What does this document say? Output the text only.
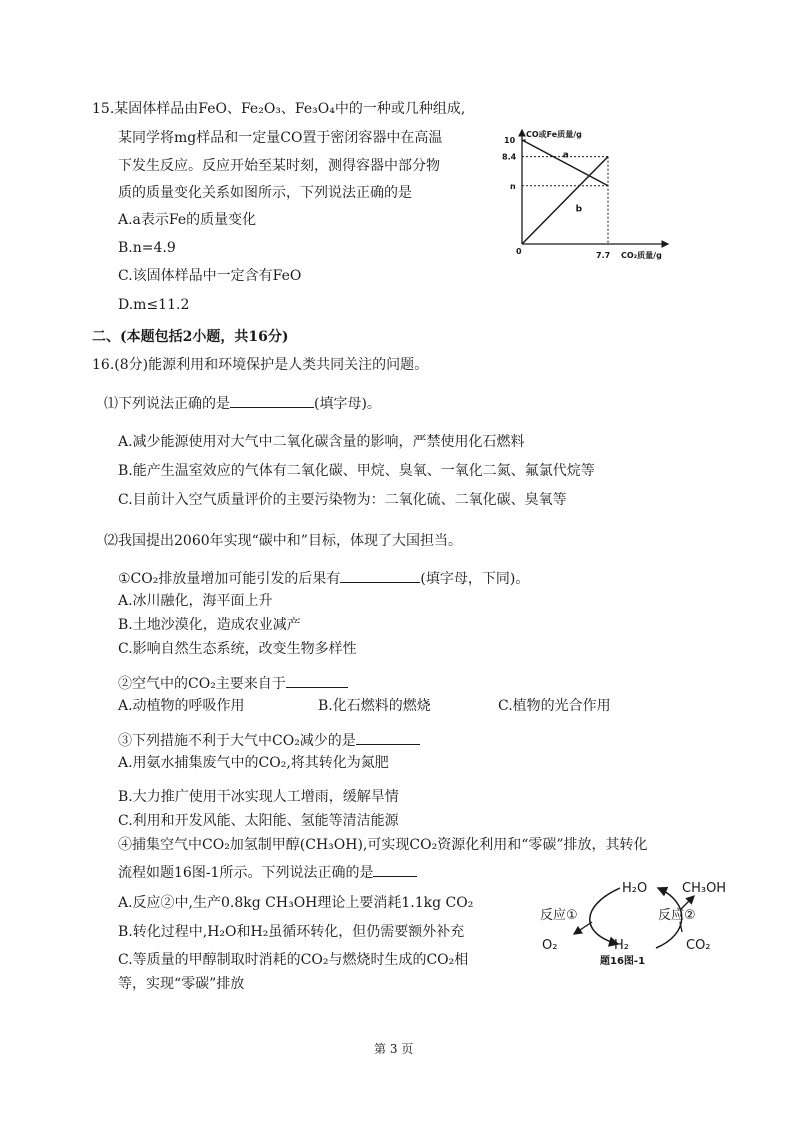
15.某固体样品由FeO、Fe₂O₃、Fe₃O₄中的一种或几种组成,
某同学将mg样品和一定量CO置于密闭容器中在高温
下发生反应。反应开始至某时刻，测得容器中部分物
质的质量变化关系如图所示，下列说法正确的是
A.a表示Fe的质量变化
B.n=4.9
C.该固体样品中一定含有FeO
D.m≤11.2
CO或Fe质量/g
CO₂质量/g
0
10
8.4
n
7.7
a
b
二、(本题包括2小题，共16分)
16.(8分)能源利用和环境保护是人类共同关注的问题。
⑴下列说法正确的是	(填字母)。
A.减少能源使用对大气中二氧化碳含量的影响，严禁使用化石燃料
B.能产生温室效应的气体有二氧化碳、甲烷、臭氧、一氧化二氮、氟氯代烷等
C.目前计入空气质量评价的主要污染物为：二氧化硫、二氧化碳、臭氧等
⑵我国提出2060年实现“碳中和”目标，体现了大国担当。
①CO₂排放量增加可能引发的后果有	(填字母，下同)。
A.冰川融化，海平面上升
B.土地沙漠化，造成农业减产
C.影响自然生态系统，改变生物多样性
②空气中的CO₂主要来自于
A.动植物的呼吸作用	B.化石燃料的燃烧	C.植物的光合作用
③下列措施不利于大气中CO₂减少的是
A.用氨水捕集废气中的CO₂,将其转化为氮肥
B.大力推广使用干冰实现人工增雨，缓解旱情
C.利用和开发风能、太阳能、氢能等清洁能源
④捕集空气中CO₂加氢制甲醇(CH₃OH),可实现CO₂资源化利用和“零碳”排放，其转化
流程如题16图-1所示。下列说法正确的是
A.反应②中,生产0.8kg CH₃OH理论上要消耗1.1kg CO₂
B.转化过程中,H₂O和H₂虽循环转化，但仍需要额外补充
C.等质量的甲醇制取时消耗的CO₂与燃烧时生成的CO₂相
等，实现“零碳”排放
H₂O	CH₃OH
反应①	反应②
O₂	H₂	CO₂
题16图-1
第 3 页
